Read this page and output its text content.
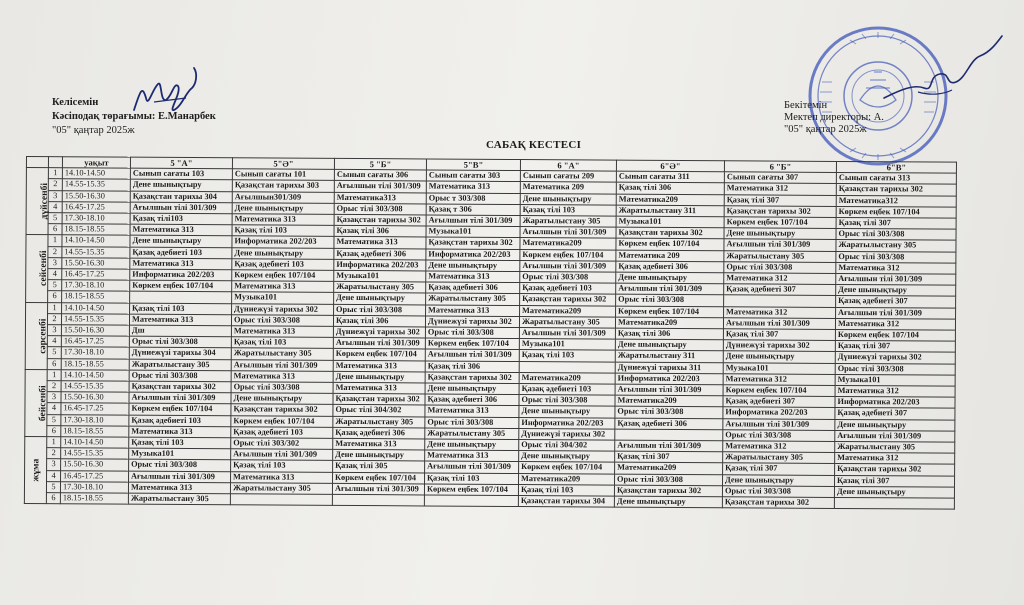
Келісемін
Кәсіподақ төрағымы: Е.Манарбек
"05" қаңтар 2025ж
Бекітемін
Мектеп директоры: А.
"05" қаңтар 2025ж
САБАҚ КЕСТЕСІ
		уақыт	5 "А"	5"Ә"	5 "Б"	5"В"	6 "А"	6"Ә"	6 "Б"	6"В"
дүйсенбі	1	14.10-14.50	Сынып сағаты 103	Сынып сағаты 101	Сынып сағаты 306	Сынып сағаты 303	Сынып сағаты 209	Сынып сағаты 311	Сынып сағаты 307	Сынып сағаты 313
	2	14.55-15.35	Дене шынықтыру	Қазақстан тарихы 303	Ағылшын тілі 301/309	Математика 313	Математика 209	Қазақ тілі 306	Математика 312	Қазақстан тарихы 302
	3	15.50-16.30	Қазақстан тарихы 304	Ағылшын301/309	Математика313	Орыс т 303/308	Дене шынықтыру	Математика209	Қазақ тілі 307	Математика312
	4	16.45-17.25	Ағылшын тілі 301/309	Дене шынықтыру	Орыс тілі 303/308	Қазақ т 306	Қазақ тілі 103	Жаратылыстану 311	Қазақстан тарихы 302	Көркем еңбек 107/104
	5	17.30-18.10	Қазақ тілі103	Математика 313	Қазақстан тарихы 302	Ағылшын тілі 301/309	Жаратылыстану 305	Музыка101	Көркем еңбек 107/104	Қазақ тілі 307
	6	18.15-18.55	Математика 313	Қазақ тілі 103	Қазақ тілі 306	Музыка101	Ағылшын тілі 301/309	Қазақстан тарихы 302	Дене шынықтыру	Орыс тілі 303/308
сейсенбі	1	14.10-14.50	Дене шынықтыру	Информатика 202/203	Математика 313	Қазақстан тарихы 302	Математика209	Көркем еңбек 107/104	Ағылшын тілі 301/309	Жаратылыстану 305
	2	14.55-15.35	Қазақ әдебиеті 103	Дене шынықтыру	Қазақ әдебиеті 306	Информатика 202/203	Көркем еңбек 107/104	Математика 209	Жаратылыстану 305	Орыс тілі 303/308
	3	15.50-16.30	Математика 313	Қазақ әдебиеті 103	Информатика 202/203	Дене шынықтыру	Ағылшын тілі 301/309	Қазақ әдебиеті 306	Орыс тілі 303/308	Математика 312
	4	16.45-17.25	Информатика 202/203	Көркем еңбек 107/104	Музыка101	Математика 313	Орыс тілі 303/308	Дене шынықтыру	Математика 312	Ағылшын тілі 301/309
	5	17.30-18.10	Көркем еңбек 107/104	Математика 313	Жаратылыстану 305	Қазақ әдебиеті 306	Қазақ әдебиеті 103	Ағылшын тілі 301/309	Қазақ әдебиеті 307	Дене шынықтыру
	6	18.15-18.55		Музыка101	Дене шынықтыру	Жаратылыстану 305	Қазақстан тарихы 302	Орыс тілі 303/308		Қазақ әдебиеті 307
сәрсенбі	1	14.10-14.50	Қазақ тілі 103	Дүниежүзі тарихы 302	Орыс тілі 303/308	Математика 313	Математика209	Көркем еңбек 107/104	Математика 312	Ағылшын тілі 301/309
	2	14.55-15.35	Математика 313	Орыс тілі 303/308	Қазақ тілі 306	Дүниежүзі тарихы 302	Жаратылыстану 305	Математика209	Ағылшын тілі 301/309	Математика 312
	3	15.50-16.30	Дш	Математика 313	Дүниежүзі тарихы 302	Орыс тілі 303/308	Ағылшын тілі 301/309	Қазақ тілі 306	Қазақ тілі 307	Көркем еңбек 107/104
	4	16.45-17.25	Орыс тілі 303/308	Қазақ тілі 103	Ағылшын тілі 301/309	Көркем еңбек 107/104	Музыка101	Дене шынықтыру	Дүниежүзі тарихы 302	Қазақ тілі 307
	5	17.30-18.10	Дүниежүзі тарихы 304	Жаратылыстану 305	Көркем еңбек 107/104	Ағылшын тілі 301/309	Қазақ тілі 103	Жаратылыстану 311	Дене шынықтыру	Дүниежүзі тарихы 302
	6	18.15-18.55	Жаратылыстану 305	Ағылшын тілі 301/309	Математика 313	Қазақ тілі 306		Дүниежүзі тарихы 311	Музыка101	Орыс тілі 303/308
бейсенбі	1	14.10-14.50	Орыс тілі 303/308	Математика 313	Дене шынықтыру	Қазақстан тарихы 302	Математика209	Информатика 202/203	Математика 312	Музыка101
	2	14.55-15.35	Қазақстан тарихы 302	Орыс тілі 303/308	Математика 313	Дене шынықтыру	Қазақ әдебиеті 103	Ағылшын тілі 301/309	Көркем еңбек 107/104	Математика 312
	3	15.50-16.30	Ағылшын тілі 301/309	Дене шынықтыру	Қазақстан тарихы 302	Қазақ әдебиеті 306	Орыс тілі 303/308	Математика209	Қазақ әдебиеті 307	Информатика 202/203
	4	16.45-17.25	Көркем еңбек 107/104	Қазақстан тарихы 302	Орыс тілі 304/302	Математика 313	Дене шынықтыру	Орыс тілі 303/308	Информатика 202/203	Қазақ әдебиеті 307
	5	17.30-18.10	Қазақ әдебиеті 103	Көркем еңбек 107/104	Жаратылыстану 305	Орыс тілі 303/308	Информатика 202/203	Қазақ әдебиеті 306	Ағылшын тілі 301/309	Дене шынықтыру
	6	18.15-18.55	Математика 313	Қазақ әдебиеті 103	Қазақ әдебиеті 306	Жаратылыстану 305	Дүниежүзі тарихы 302		Орыс тілі 303/308	Ағылшын тілі 301/309
жұма	1	14.10-14.50	Қазақ тілі 103	Орыс тілі 303/302	Математика 313	Дене шынықтыру	Орыс тілі 304/302	Ағылшын тілі 301/309	Математика 312	Жаратылыстану 305
	2	14.55-15.35	Музыка101	Ағылшын тілі 301/309	Дене шынықтыру	Математика 313	Дене шынықтыру	Қазақ тілі 307	Жаратылыстану 305	Математика 312
	3	15.50-16.30	Орыс тілі 303/308	Қазақ тілі 103	Қазақ тілі 305	Ағылшын тілі 301/309	Көркем еңбек 107/104	Математика209	Қазақ тілі 307	Қазақстан тарихы 302
	4	16.45-17.25	Ағылшын тілі 301/309	Математика 313	Көркем еңбек 107/104	Қазақ тілі 103	Математика209	Орыс тілі 303/308	Дене шынықтыру	Қазақ тілі 307
	5	17.30-18.10	Математика 313	Жаратылыстану 305	Ағылшын тілі 301/309	Көркем еңбек 107/104	Қазақ тілі 103	Қазақстан тарихы 302	Орыс тілі 303/308	Дене шынықтыру
	6	18.15-18.55	Жаратылыстану 305				Қазақстан тарихы 304	Дене шынықтыру	Қазақстан тарихы 302	
